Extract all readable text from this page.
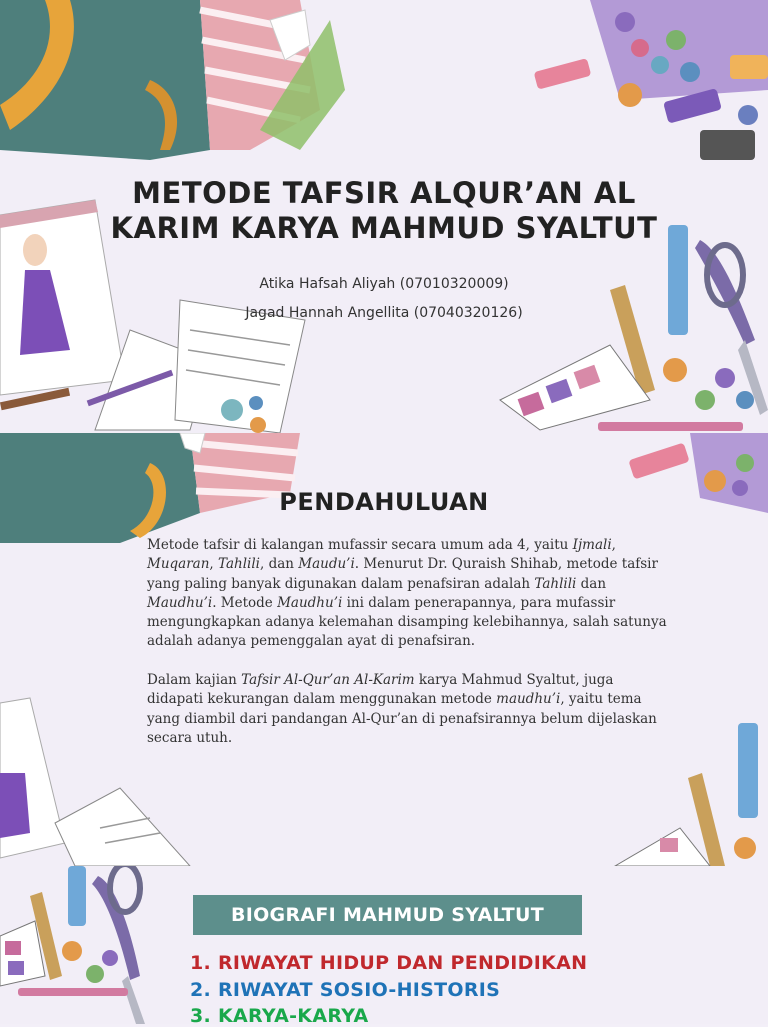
METODE TAFSIR ALQUR’AN AL
KARIM KARYA MAHMUD SYALTUT
Atika Hafsah Aliyah (07010320009)
Jagad Hannah Angellita (07040320126)
PENDAHULUAN
Metode tafsir di kalangan mufassir secara umum ada 4, yaitu Ijmali, Muqaran, Tahlili, dan Maudu’i. Menurut Dr. Quraish Shihab, metode tafsir yang paling banyak digunakan dalam penafsiran adalah Tahlili dan Maudhu’i. Metode Maudhu’i ini dalam penerapannya, para mufassir mengungkapkan adanya kelemahan disamping kelebihannya, salah satunya adalah adanya pemenggalan ayat di penafsiran.
Dalam kajian Tafsir Al-Qur’an Al-Karim karya Mahmud Syaltut, juga didapati kekurangan dalam menggunakan metode maudhu’i, yaitu tema yang diambil dari pandangan Al-Qur’an di penafsirannya belum dijelaskan secara utuh.
BIOGRAFI MAHMUD SYALTUT
1. RIWAYAT HIDUP DAN PENDIDIKAN
2. RIWAYAT SOSIO-HISTORIS
3. KARYA-KARYA
